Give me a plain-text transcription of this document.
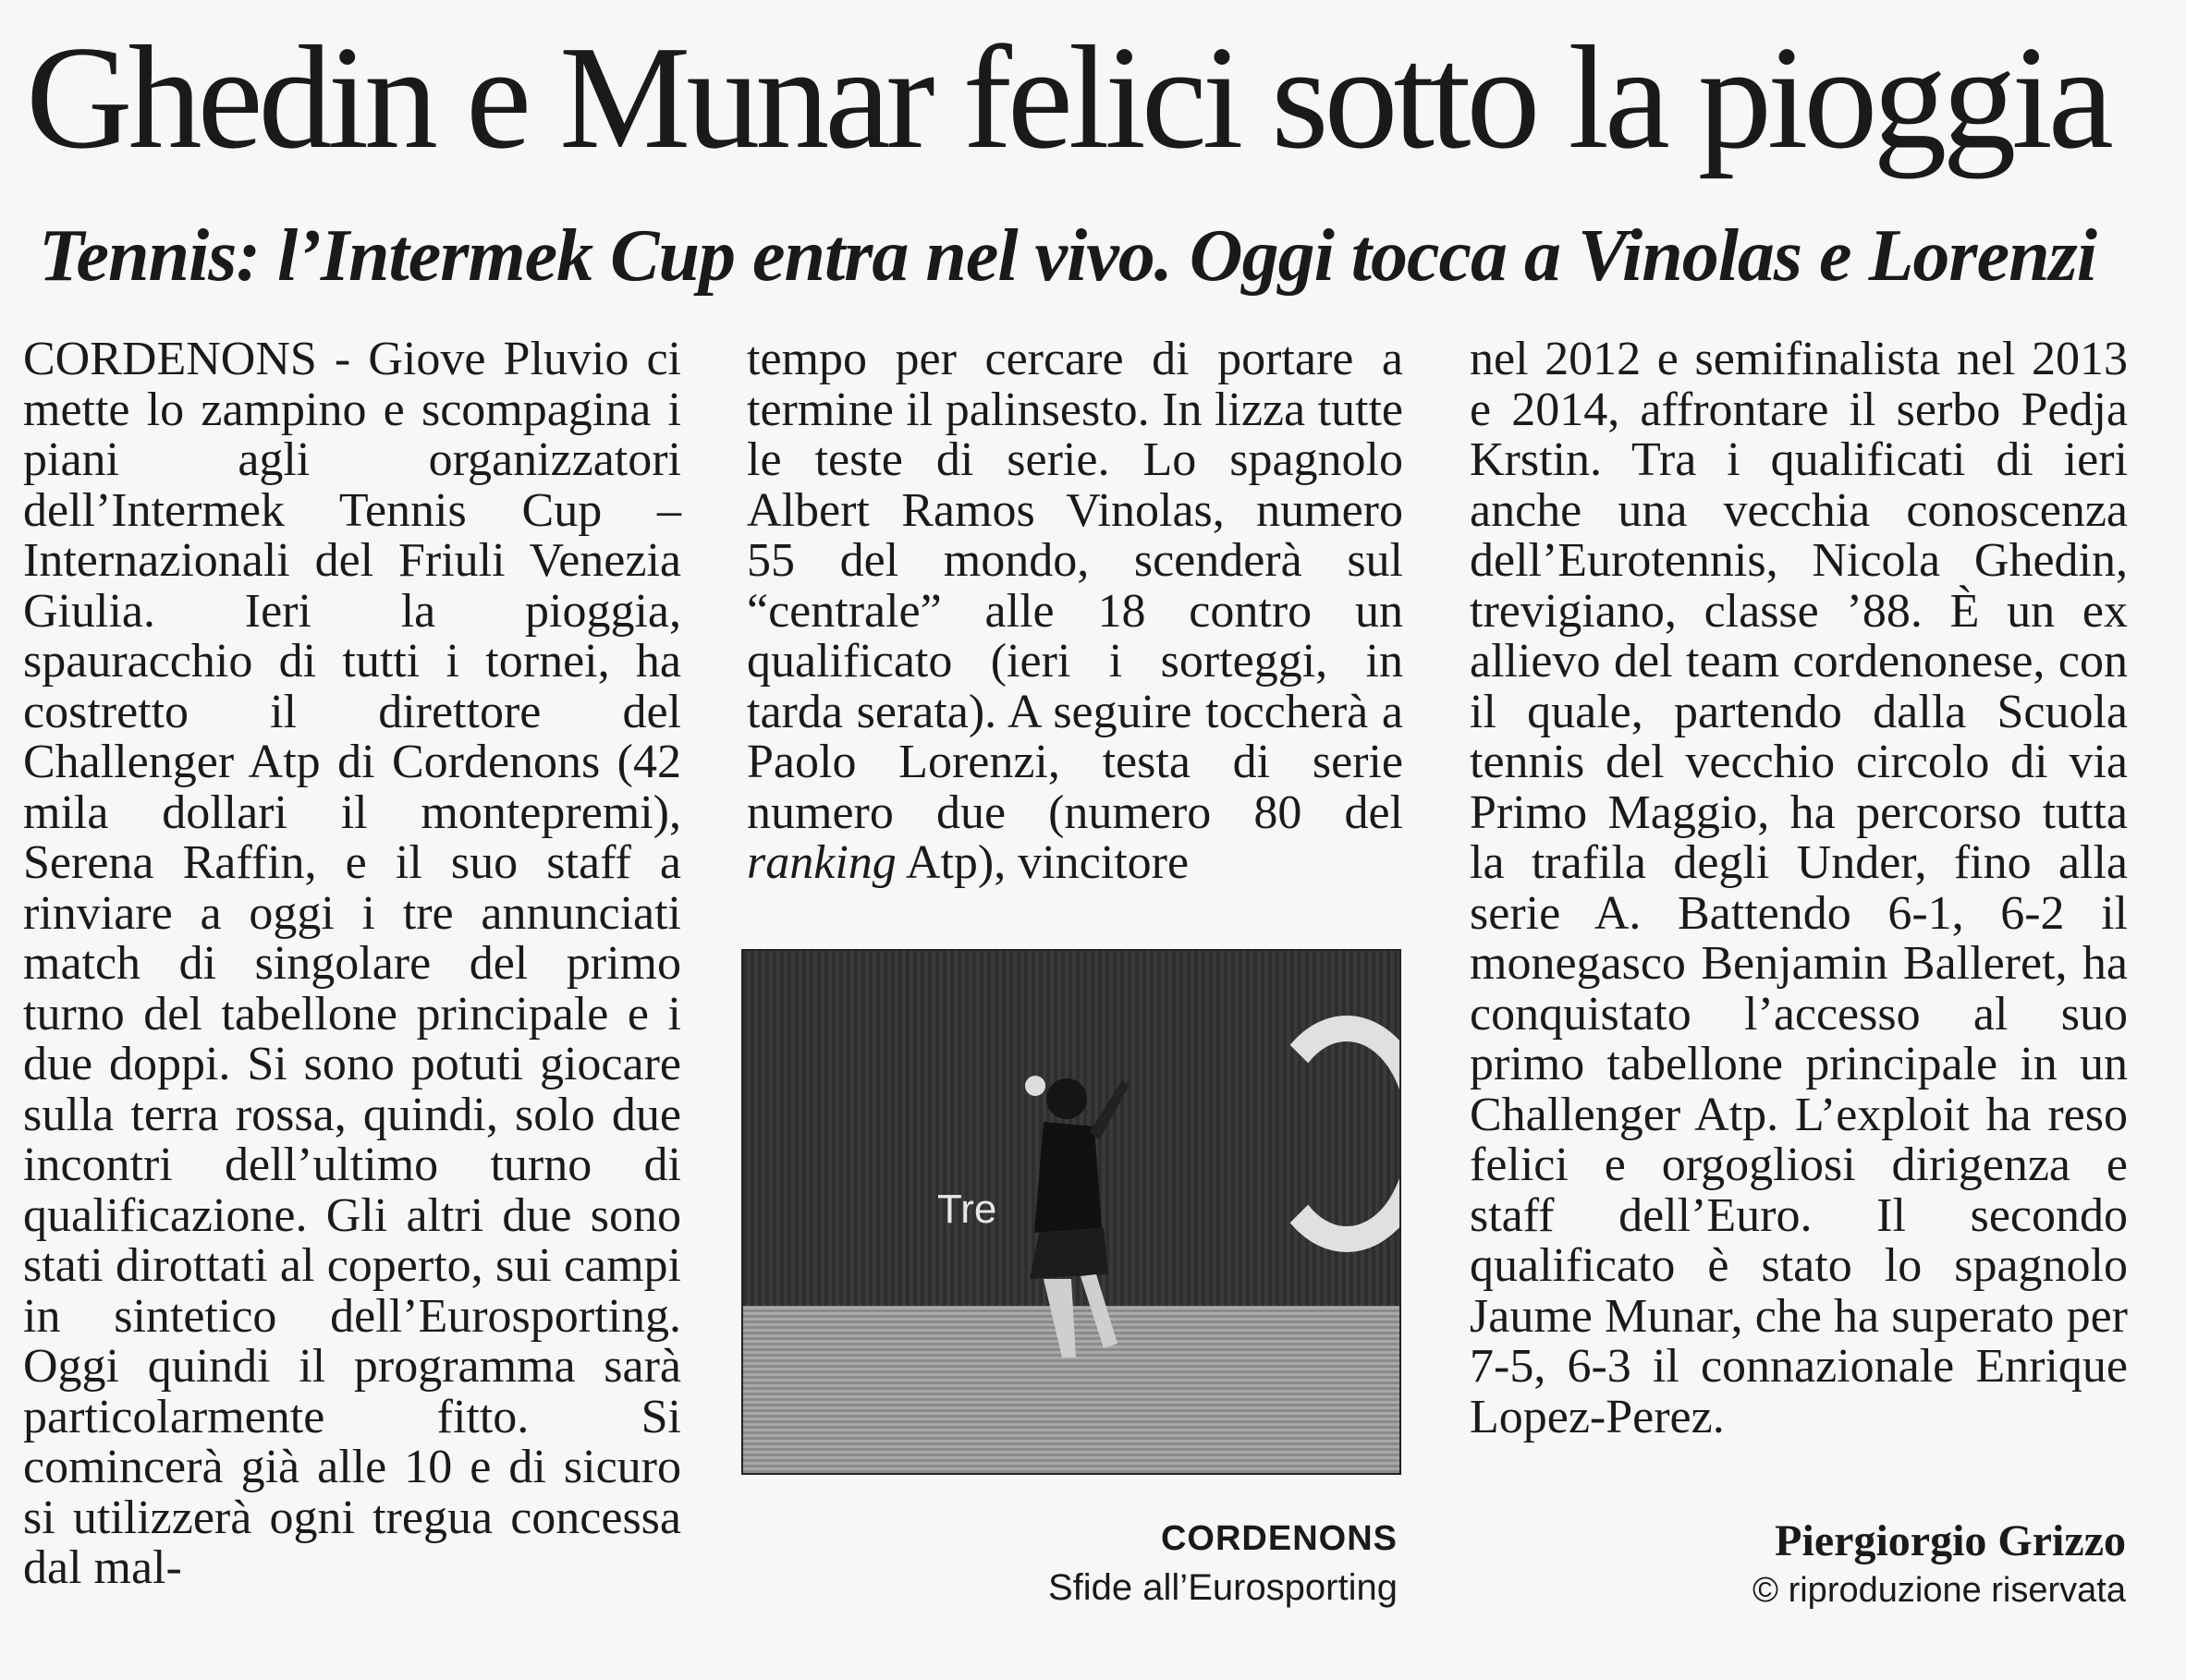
Ghedin e Munar felici sotto la pioggia
Tennis: l’Intermek Cup entra nel vivo. Oggi tocca a Vinolas e Lorenzi

CORDENONS - Giove Pluvio ci mette lo zampino e scompagina i piani agli organizzatori dell’Intermek Tennis Cup – Internazionali del Friuli Venezia Giulia. Ieri la pioggia, spauracchio di tutti i tornei, ha costretto il direttore del Challenger Atp di Cordenons (42 mila dollari il montepremi), Serena Raffin, e il suo staff a rinviare a oggi i tre annunciati match di singolare del primo turno del tabellone principale e i due doppi. Si sono potuti giocare sulla terra rossa, quindi, solo due incontri dell’ultimo turno di qualificazione. Gli altri due sono stati dirottati al coperto, sui campi in sintetico dell’Eurosporting. Oggi quindi il programma sarà particolarmente fitto. Si comincerà già alle 10 e di sicuro si utilizzerà ogni tregua concessa dal mal-

tempo per cercare di portare a termine il palinsesto. In lizza tutte le teste di serie. Lo spagnolo Albert Ramos Vinolas, numero 55 del mondo, scenderà sul “centrale” alle 18 contro un qualificato (ieri i sorteggi, in tarda serata). A seguire toccherà a Paolo Lorenzi, testa di serie numero due (numero 80 del ranking Atp), vincitore

Tre
CORDENONS
Sfide all’Eurosporting

nel 2012 e semifinalista nel 2013 e 2014, affrontare il serbo Pedja Krstin. Tra i qualificati di ieri anche una vecchia conoscenza dell’Eurotennis, Nicola Ghedin, trevigiano, classe ’88. È un ex allievo del team cordenonese, con il quale, partendo dalla Scuola tennis del vecchio circolo di via Primo Maggio, ha percorso tutta la trafila degli Under, fino alla serie A. Battendo 6-1, 6-2 il monegasco Benjamin Balleret, ha conquistato l’accesso al suo primo tabellone principale in un Challenger Atp. L’exploit ha reso felici e orgogliosi dirigenza e staff dell’Euro. Il secondo qualificato è stato lo spagnolo Jaume Munar, che ha superato per 7-5, 6-3 il connazionale Enrique Lopez-Perez.

Piergiorgio Grizzo
© riproduzione riservata
